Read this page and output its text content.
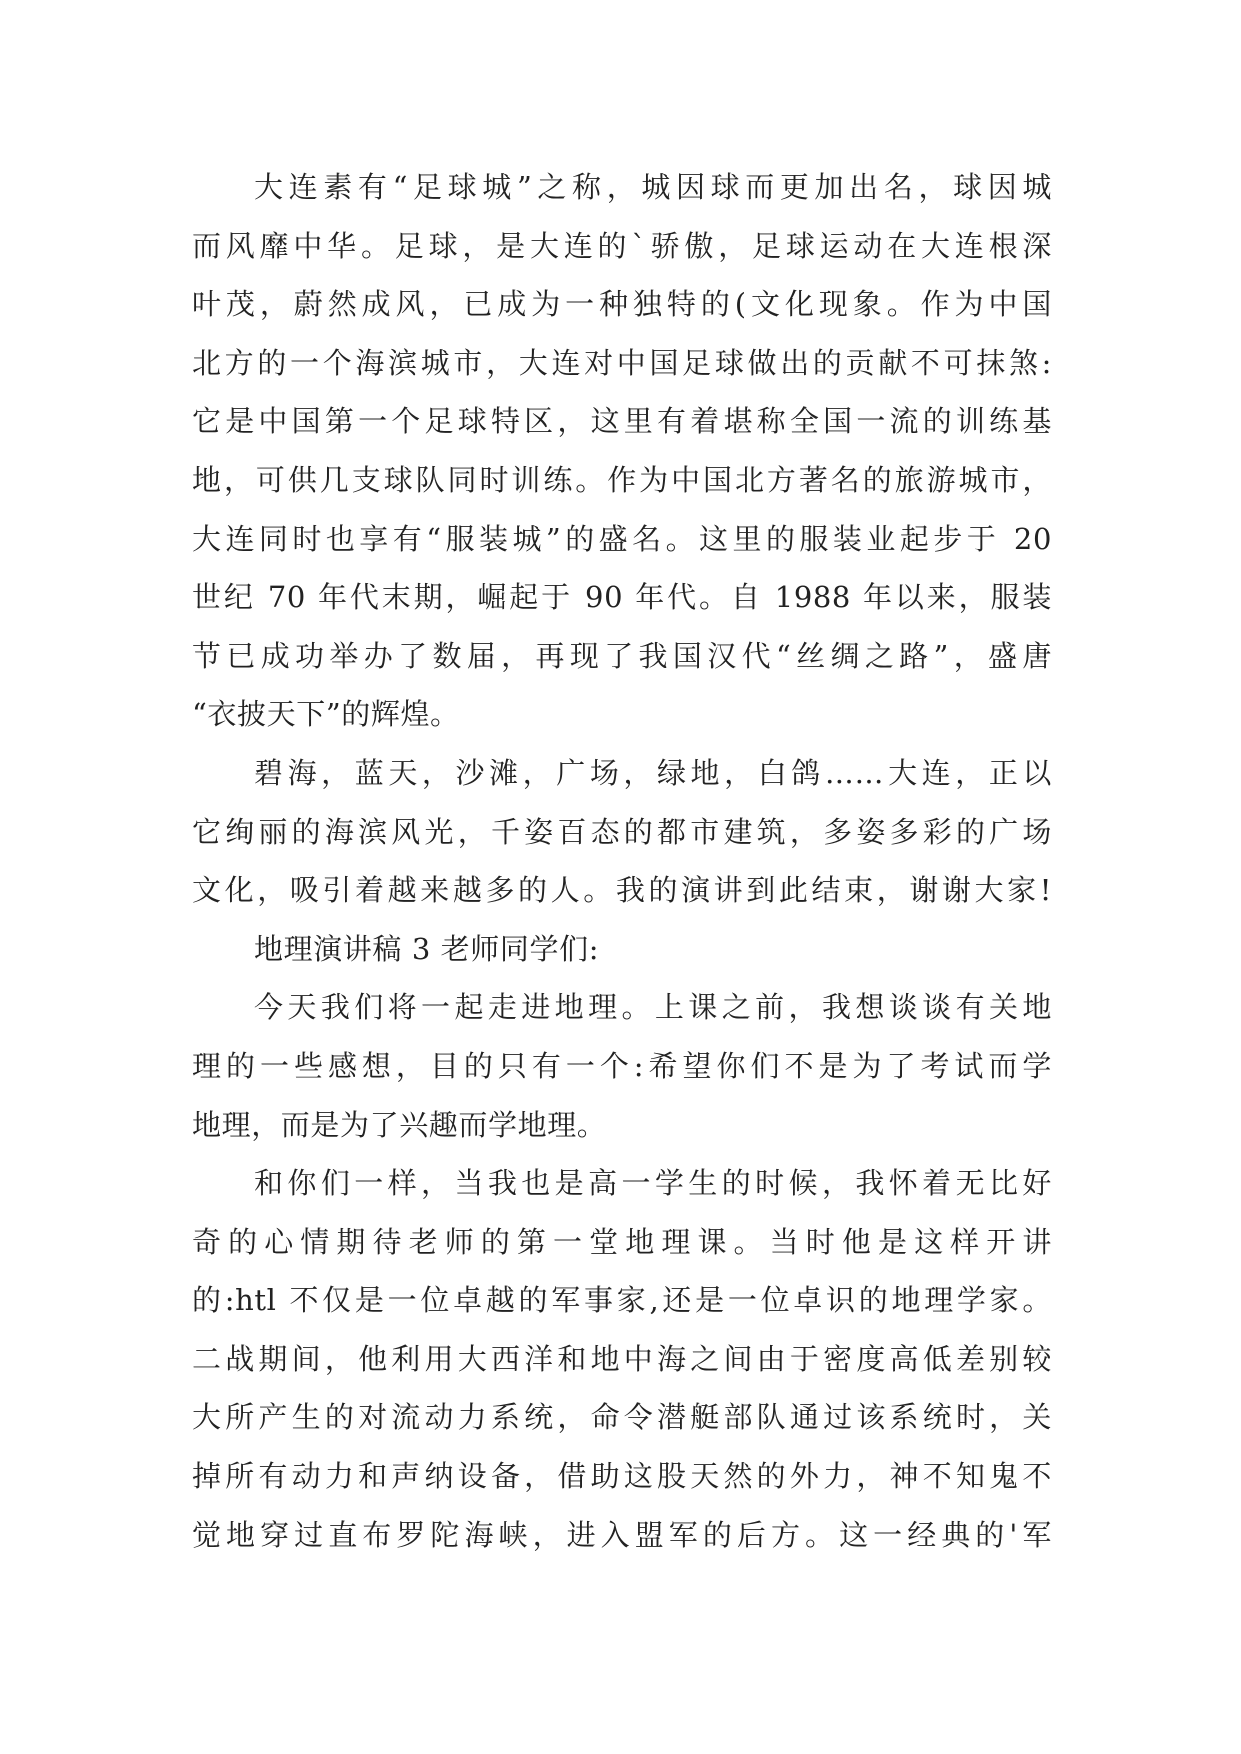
大连素有“足球城”之称，城因球而更加出名，球因城
而风靡中华。足球，是大连的`骄傲，足球运动在大连根深
叶茂，蔚然成风，已成为一种独特的(文化现象。作为中国
北方的一个海滨城市，大连对中国足球做出的贡献不可抹煞:
它是中国第一个足球特区，这里有着堪称全国一流的训练基
地，可供几支球队同时训练。作为中国北方著名的旅游城市，
大连同时也享有“服装城”的盛名。这里的服装业起步于 20
世纪 70 年代末期，崛起于 90 年代。自 1988 年以来，服装
节已成功举办了数届，再现了我国汉代“丝绸之路”，盛唐
“衣披天下”的辉煌。
碧海，蓝天，沙滩，广场，绿地，白鸽……大连，正以
它绚丽的海滨风光，千姿百态的都市建筑，多姿多彩的广场
文化，吸引着越来越多的人。我的演讲到此结束，谢谢大家!
地理演讲稿 3 老师同学们:
今天我们将一起走进地理。上课之前，我想谈谈有关地
理的一些感想，目的只有一个:希望你们不是为了考试而学
地理，而是为了兴趣而学地理。
和你们一样，当我也是高一学生的时候，我怀着无比好
奇的心情期待老师的第一堂地理课。当时他是这样开讲
的:htl 不仅是一位卓越的军事家,还是一位卓识的地理学家。
二战期间，他利用大西洋和地中海之间由于密度高低差别较
大所产生的对流动力系统，命令潜艇部队通过该系统时，关
掉所有动力和声纳设备，借助这股天然的外力，神不知鬼不
觉地穿过直布罗陀海峡，进入盟军的后方。这一经典的'军
